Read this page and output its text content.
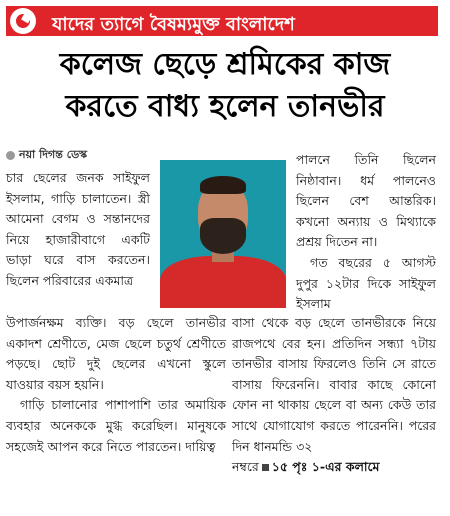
যাদের ত্যাগে বৈষম্যমুক্ত বাংলাদেশ
কলেজ ছেড়ে শ্রমিকের কাজ
করতে বাধ্য হলেন তানভীর
নয়া দিগন্ত ডেস্ক

চার ছেলের জনক সাইফুল ইসলাম, গাড়ি চালাতেন। স্ত্রী আমেনা বেগম ও সন্তানদের নিয়ে হাজারীবাগে একটি ভাড়া ঘরে বাস করতেন। ছিলেন পরিবারের একমাত্র

পালনে তিনি ছিলেন নিষ্ঠাবান। ধর্ম পালনেও ছিলেন বেশ আন্তরিক। কখনো অন্যায় ও মিথ্যাকে প্রশ্রয় দিতেন না।

গত বছরের ৫ আগস্ট দুপুর ১২টার দিকে সাইফুল ইসলাম

উপার্জনক্ষম ব্যক্তি। বড় ছেলে তানভীর একাদশ শ্রেণীতে, মেজ ছেলে চতুর্থ শ্রেণীতে পড়ছে। ছোট দুই ছেলের এখনো স্কুলে যাওয়ার বয়স হয়নি।

গাড়ি চালানোর পাশাপাশি তার অমায়িক ব্যবহার অনেককে মুগ্ধ করেছিল। মানুষকে সহজেই আপন করে নিতে পারতেন। দায়িত্ব

বাসা থেকে বড় ছেলে তানভীরকে নিয়ে রাজপথে বের হন। প্রতিদিন সন্ধ্যা ৭টায় তানভীর বাসায় ফিরলেও তিনি সে রাতে বাসায় ফিরেননি। বাবার কাছে কোনো ফোন না থাকায় ছেলে বা অন্য কেউ তার সাথে যোগাযোগ করতে পারেননি। পরের দিন ধানমন্ডি ৩২

নম্বরে ১৫ পৃঃ ১-এর কলামে
